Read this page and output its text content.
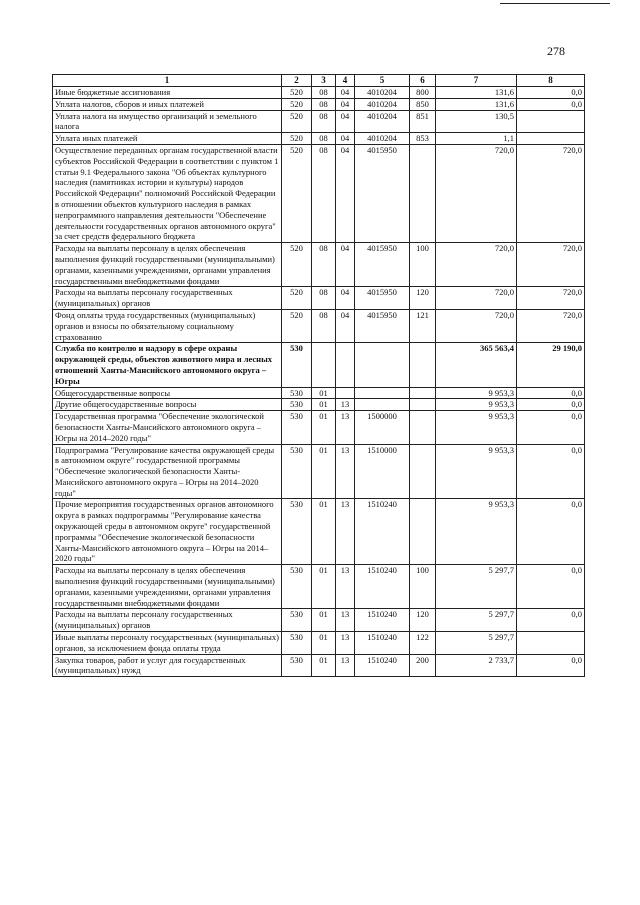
278
1	2	3	4	5	6	7	8
Иные бюджетные ассигнования	520	08	04	4010204	800	131,6	0,0
Уплата налогов, сборов и иных платежей	520	08	04	4010204	850	131,6	0,0
Уплата налога на имущество организаций и земельного налога	520	08	04	4010204	851	130,5	
Уплата иных платежей	520	08	04	4010204	853	1,1	
Осуществление переданных органам государственной власти субъектов Российской Федерации в соответствии с пунктом 1 статьи 9.1 Федерального закона "Об объектах культурного наследия (памятниках истории и культуры) народов Российской Федерации" полномочий Российской Федерации в отношении объектов культурного наследия в рамках непрограммного направления деятельности "Обеспечение деятельности государственных органов автономного округа" за счет средств федерального бюджета	520	08	04	4015950		720,0	720,0
Расходы на выплаты персоналу в целях обеспечения выполнения функций государственными (муниципальными) органами, казенными учреждениями, органами управления государственными внебюджетными фондами	520	08	04	4015950	100	720,0	720,0
Расходы на выплаты персоналу государственных (муниципальных) органов	520	08	04	4015950	120	720,0	720,0
Фонд оплаты труда государственных (муниципальных) органов и взносы по обязательному социальному страхованию	520	08	04	4015950	121	720,0	720,0
Служба по контролю и надзору в сфере охраны окружающей среды, объектов животного мира и лесных отношений Ханты-Мансийского автономного округа – Югры	530					365 563,4	29 190,0
Общегосударственные вопросы	530	01				9 953,3	0,0
Другие общегосударственные вопросы	530	01	13			9 953,3	0,0
Государственная программа "Обеспечение экологической безопасности Ханты-Мансийского автономного округа – Югры на 2014–2020 годы"	530	01	13	1500000		9 953,3	0,0
Подпрограмма "Регулирование качества окружающей среды в автономном округе" государственной программы "Обеспечение экологической безопасности Ханты-Мансийского автономного округа – Югры на 2014–2020 годы"	530	01	13	1510000		9 953,3	0,0
Прочие мероприятия государственных органов автономного округа в рамках подпрограммы "Регулирование качества окружающей среды в автономном округе" государственной программы "Обеспечение экологической безопасности Ханты-Мансийского автономного округа – Югры на 2014–2020 годы"	530	01	13	1510240		9 953,3	0,0
Расходы на выплаты персоналу в целях обеспечения выполнения функций государственными (муниципальными) органами, казенными учреждениями, органами управления государственными внебюджетными фондами	530	01	13	1510240	100	5 297,7	0,0
Расходы на выплаты персоналу государственных (муниципальных) органов	530	01	13	1510240	120	5 297,7	0,0
Иные выплаты персоналу государственных (муниципальных) органов, за исключением фонда оплаты труда	530	01	13	1510240	122	5 297,7	
Закупка товаров, работ и услуг для государственных (муниципальных) нужд	530	01	13	1510240	200	2 733,7	0,0
